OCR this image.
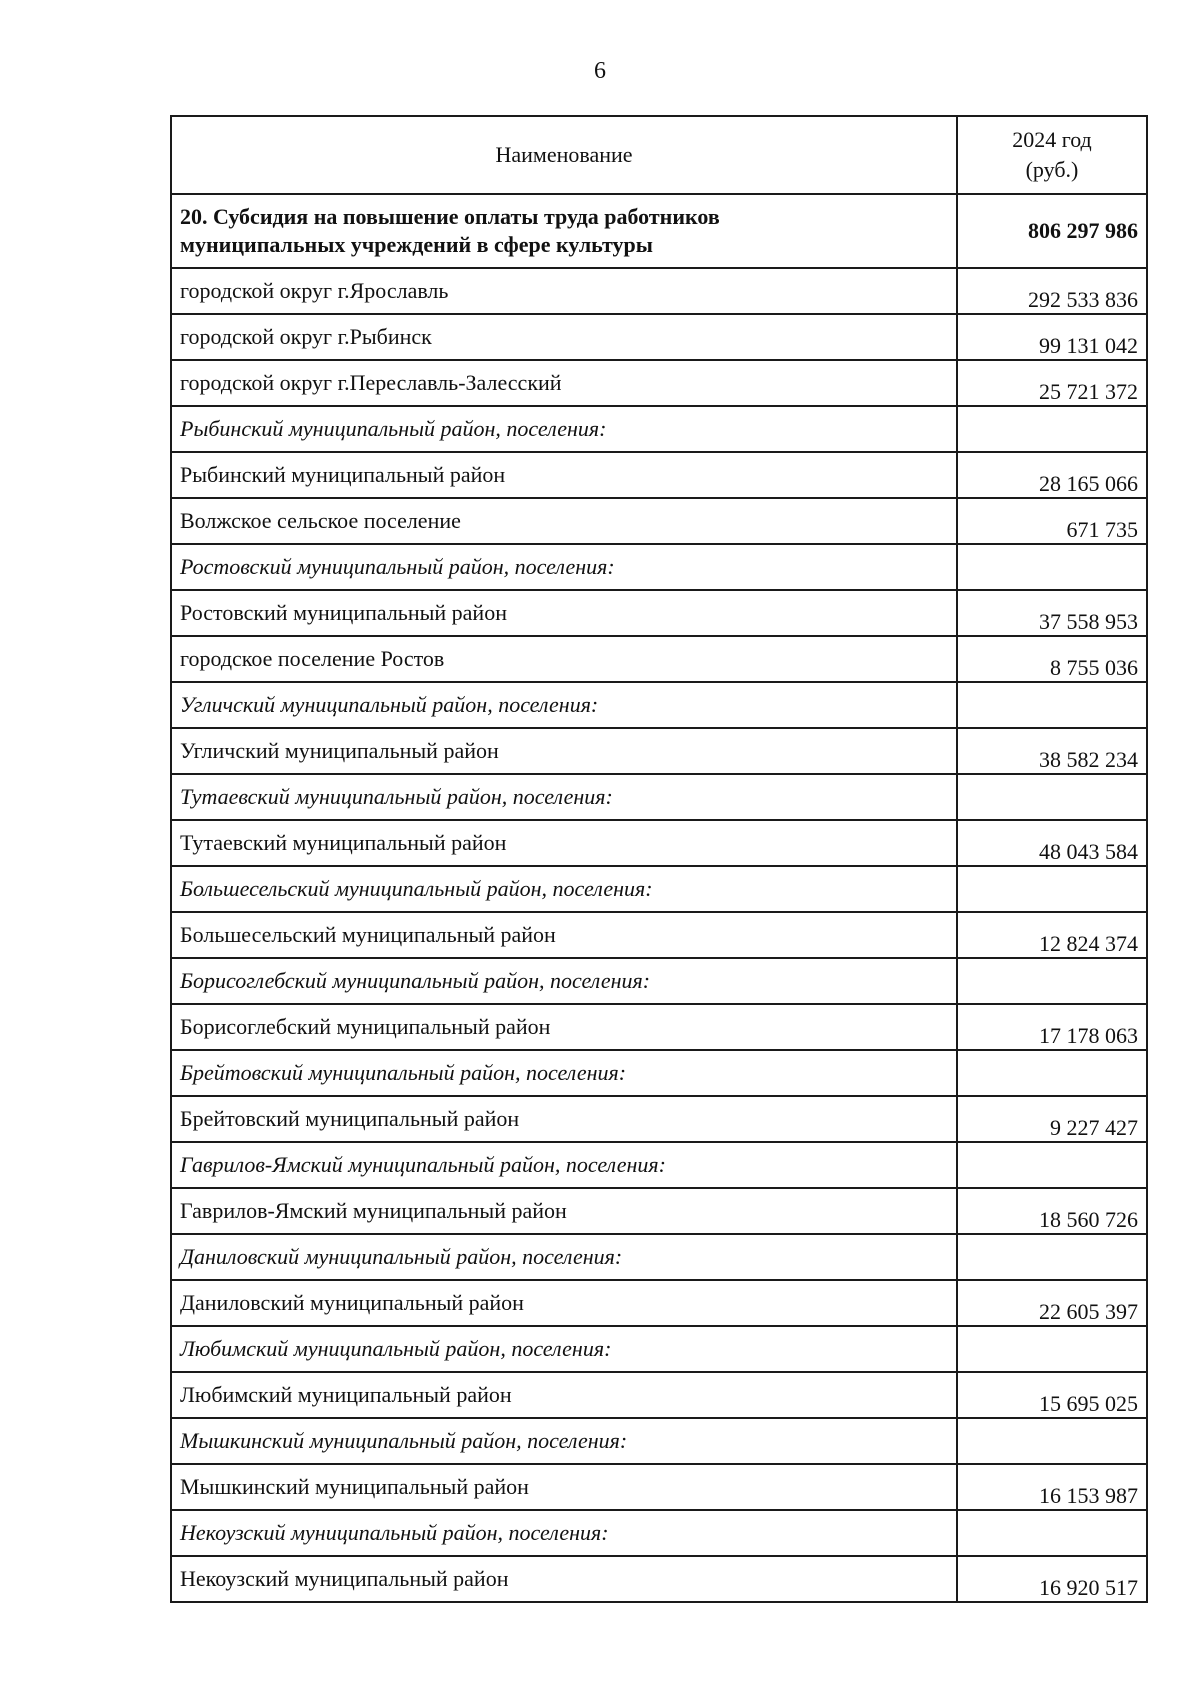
6
Наименование	2024 год
(руб.)
20. Субсидия на повышение оплаты труда работников
муниципальных учреждений в сфере культуры	806 297 986
городской округ г.Ярославль	292 533 836
городской округ г.Рыбинск	99 131 042
городской округ г.Переславль-Залесский	25 721 372
Рыбинский муниципальный район, поселения:	
Рыбинский муниципальный район	28 165 066
Волжское сельское поселение	671 735
Ростовский муниципальный район, поселения:	
Ростовский муниципальный район	37 558 953
городское поселение Ростов	8 755 036
Угличский муниципальный район, поселения:	
Угличский муниципальный район	38 582 234
Тутаевский муниципальный район, поселения:	
Тутаевский муниципальный район	48 043 584
Большесельский муниципальный район, поселения:	
Большесельский муниципальный район	12 824 374
Борисоглебский муниципальный район, поселения:	
Борисоглебский муниципальный район	17 178 063
Брейтовский муниципальный район, поселения:	
Брейтовский муниципальный район	9 227 427
Гаврилов-Ямский муниципальный район, поселения:	
Гаврилов-Ямский муниципальный район	18 560 726
Даниловский муниципальный район, поселения:	
Даниловский муниципальный район	22 605 397
Любимский муниципальный район, поселения:	
Любимский муниципальный район	15 695 025
Мышкинский муниципальный район, поселения:	
Мышкинский муниципальный район	16 153 987
Некоузский муниципальный район, поселения:	
Некоузский муниципальный район	16 920 517
